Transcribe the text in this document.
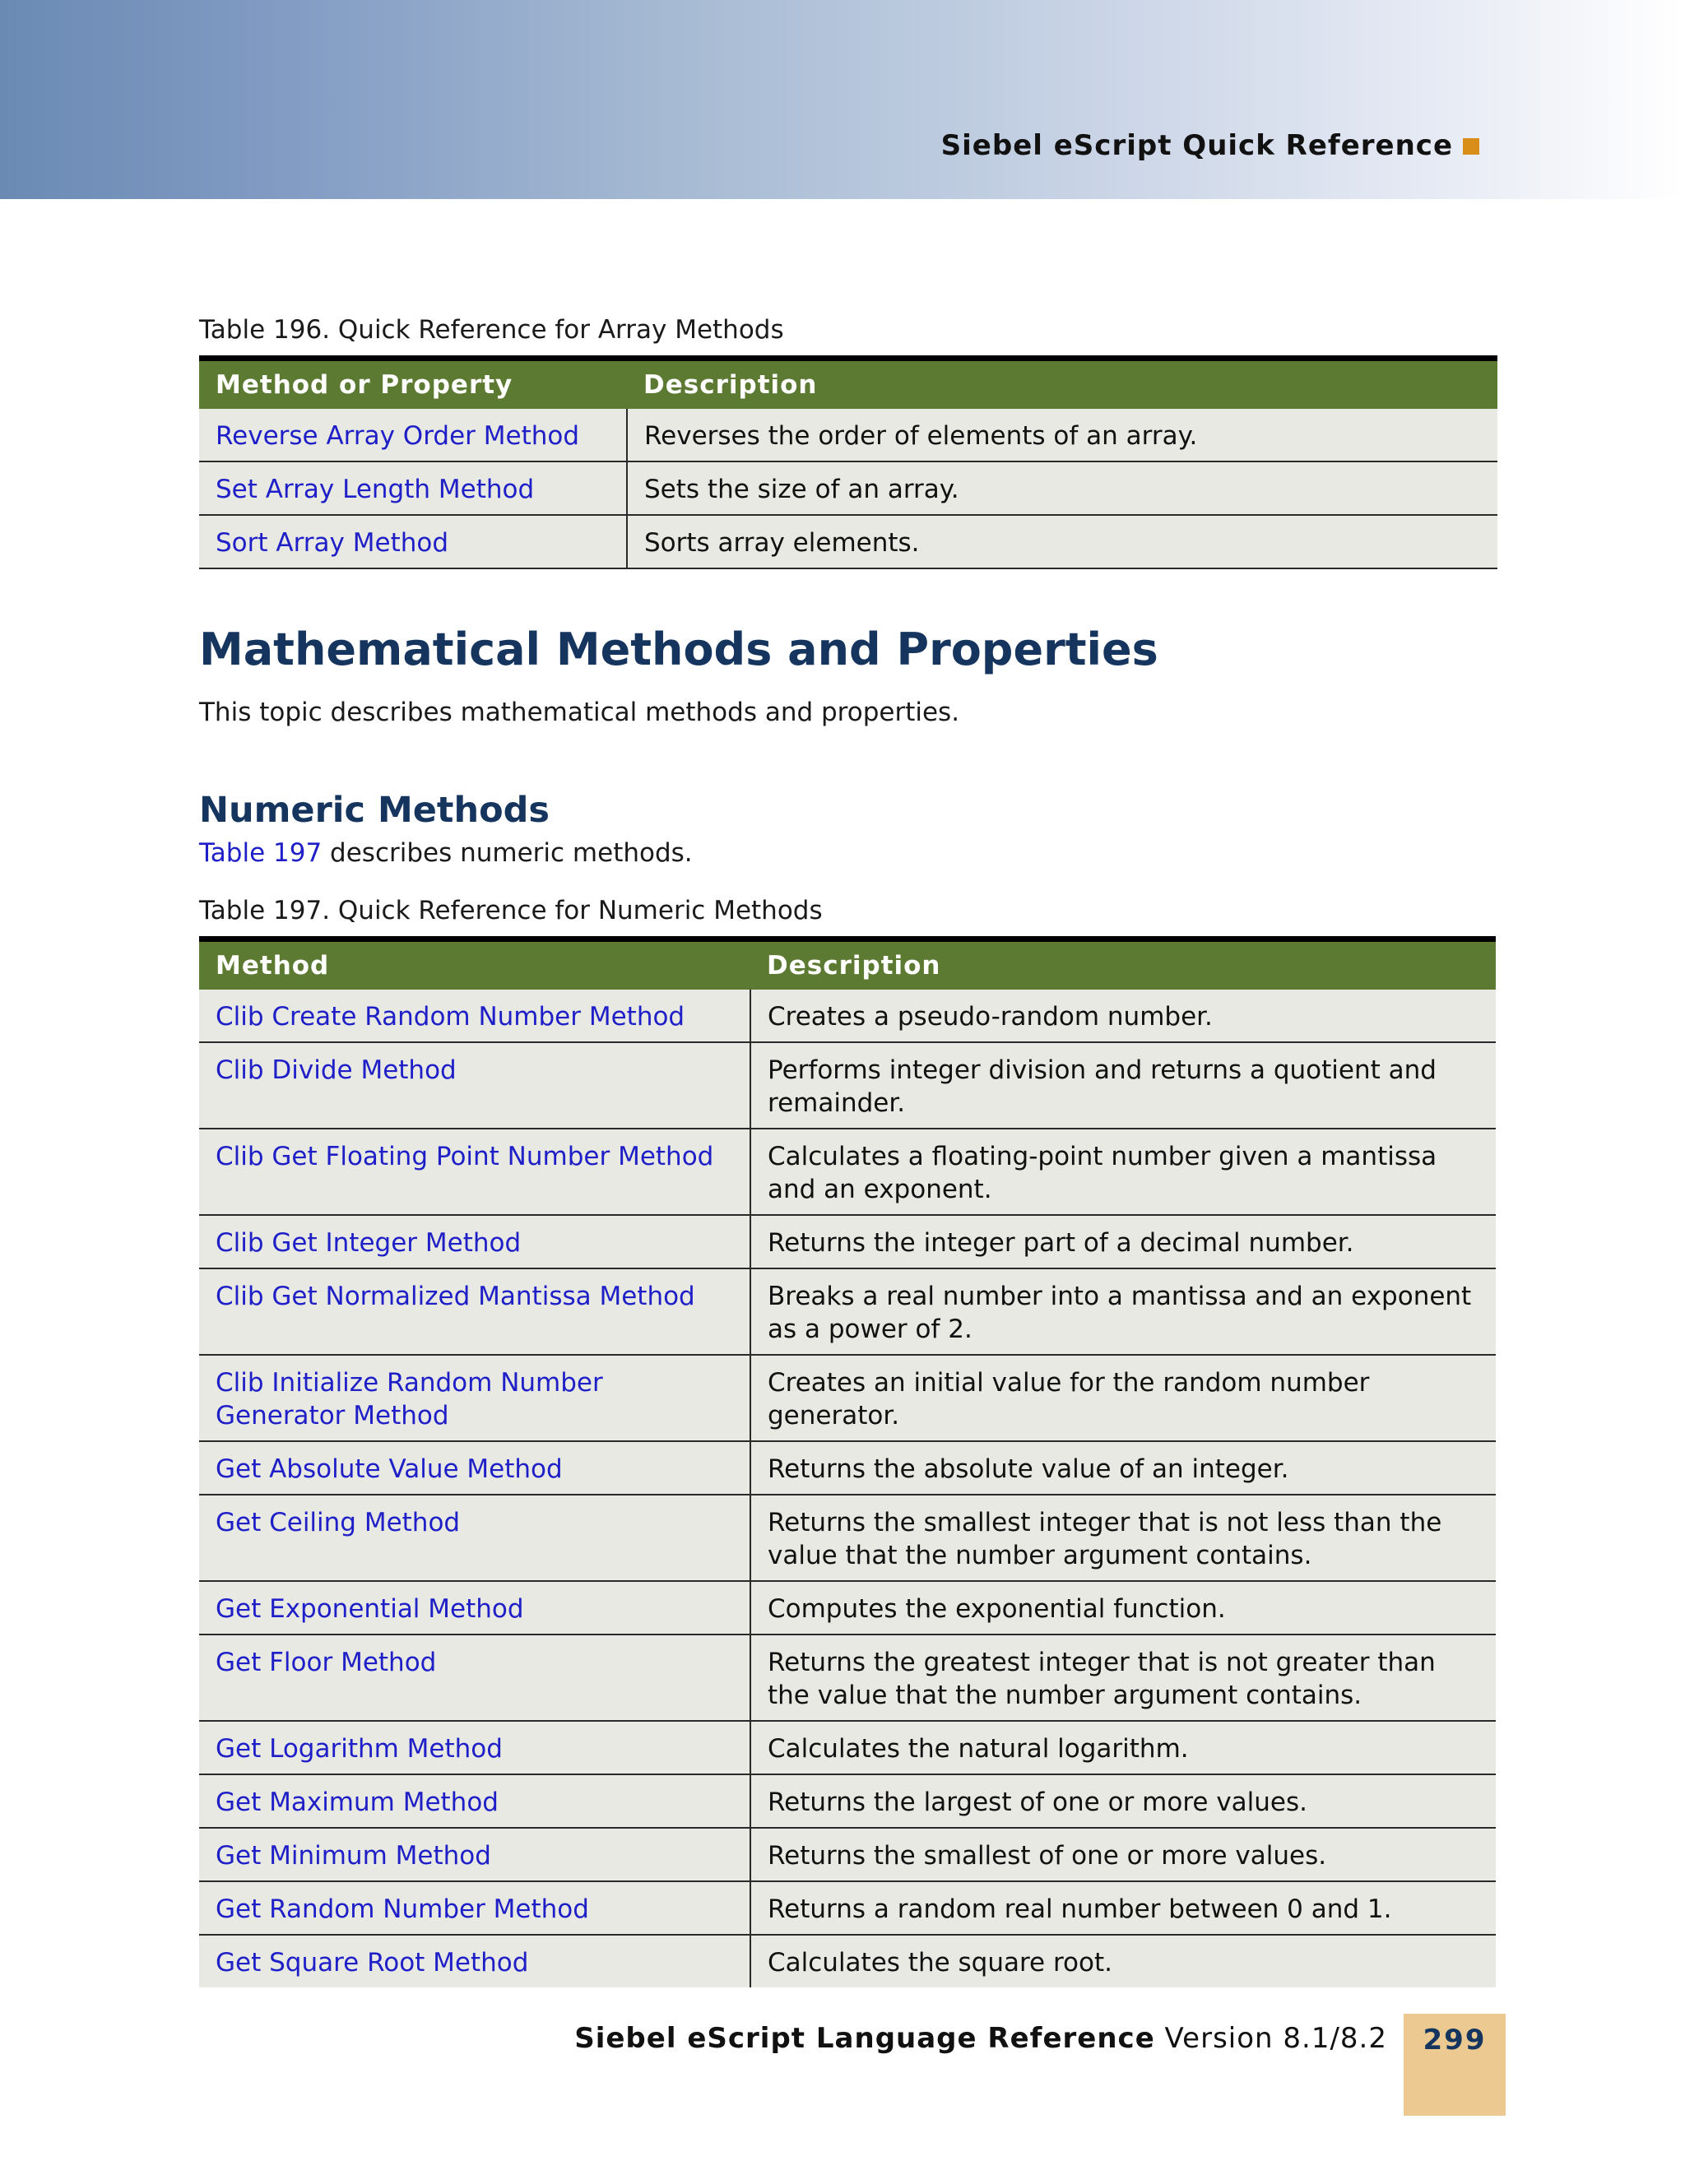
Siebel eScript Quick Reference
Table 196. Quick Reference for Array Methods
Method or Property	Description
Reverse Array Order Method	Reverses the order of elements of an array.
Set Array Length Method	Sets the size of an array.
Sort Array Method	Sorts array elements.
Mathematical Methods and Properties
This topic describes mathematical methods and properties.
Numeric Methods
Table 197 describes numeric methods.
Table 197. Quick Reference for Numeric Methods
Method	Description
Clib Create Random Number Method	Creates a pseudo-random number.
Clib Divide Method	Performs integer division and returns a quotient and remainder.
Clib Get Floating Point Number Method	Calculates a floating-point number given a mantissa and an exponent.
Clib Get Integer Method	Returns the integer part of a decimal number.
Clib Get Normalized Mantissa Method	Breaks a real number into a mantissa and an exponent as a power of 2.
Clib Initialize Random Number Generator Method	Creates an initial value for the random number generator.
Get Absolute Value Method	Returns the absolute value of an integer.
Get Ceiling Method	Returns the smallest integer that is not less than the value that the number argument contains.
Get Exponential Method	Computes the exponential function.
Get Floor Method	Returns the greatest integer that is not greater than the value that the number argument contains.
Get Logarithm Method	Calculates the natural logarithm.
Get Maximum Method	Returns the largest of one or more values.
Get Minimum Method	Returns the smallest of one or more values.
Get Random Number Method	Returns a random real number between 0 and 1.
Get Square Root Method	Calculates the square root.
Siebel eScript Language Reference Version 8.1/8.2	299
